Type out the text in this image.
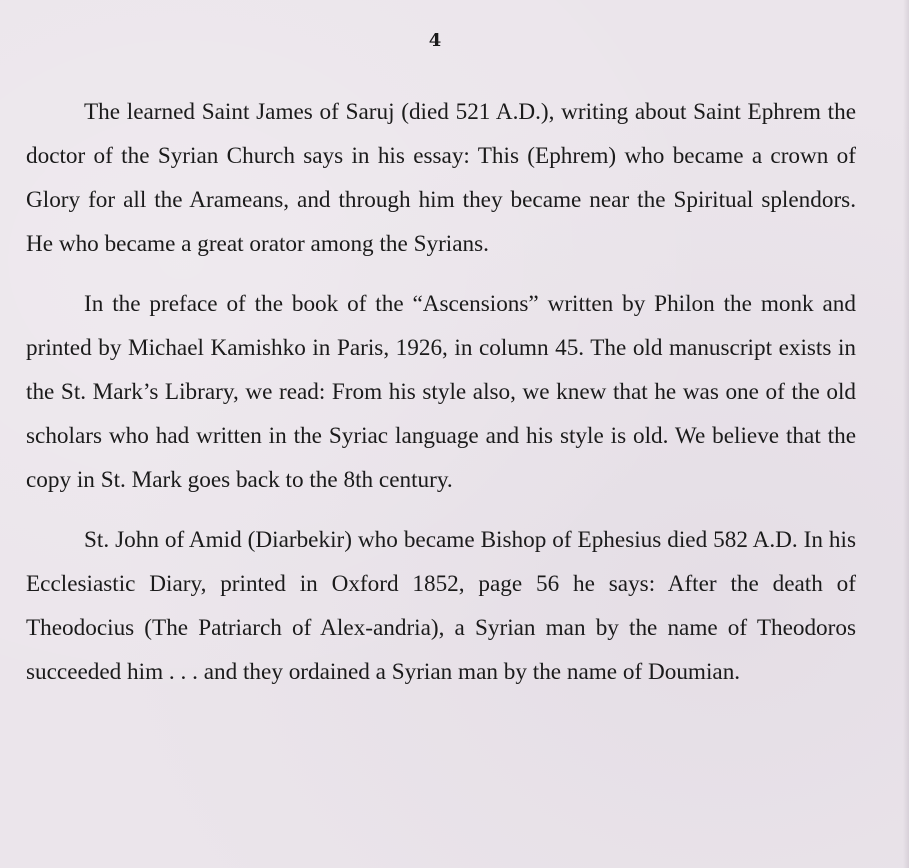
4

The learned Saint James of Saruj (died 521 A.D.), writing about Saint Ephrem the doctor of the Syrian Church says in his essay: This (Ephrem) who became a crown of Glory for all the Arameans, and through him they became near the Spiritual splendors. He who became a great orator among the Syrians.

In the preface of the book of the “Ascensions” written by Philon the monk and printed by Michael Kamishko in Paris, 1926, in column 45. The old manuscript exists in the St. Mark’s Library, we read: From his style also, we knew that he was one of the old scholars who had written in the Syriac language and his style is old. We believe that the copy in St. Mark goes back to the 8th century.

St. John of Amid (Diarbekir) who became Bishop of Ephesius died 582 A.D. In his Ecclesiastic Diary, printed in Oxford 1852, page 56 he says: After the death of Theodocius (The Patriarch of Alex-andria), a Syrian man by the name of Theodoros succeeded him . . . and they ordained a Syrian man by the name of Doumian.
